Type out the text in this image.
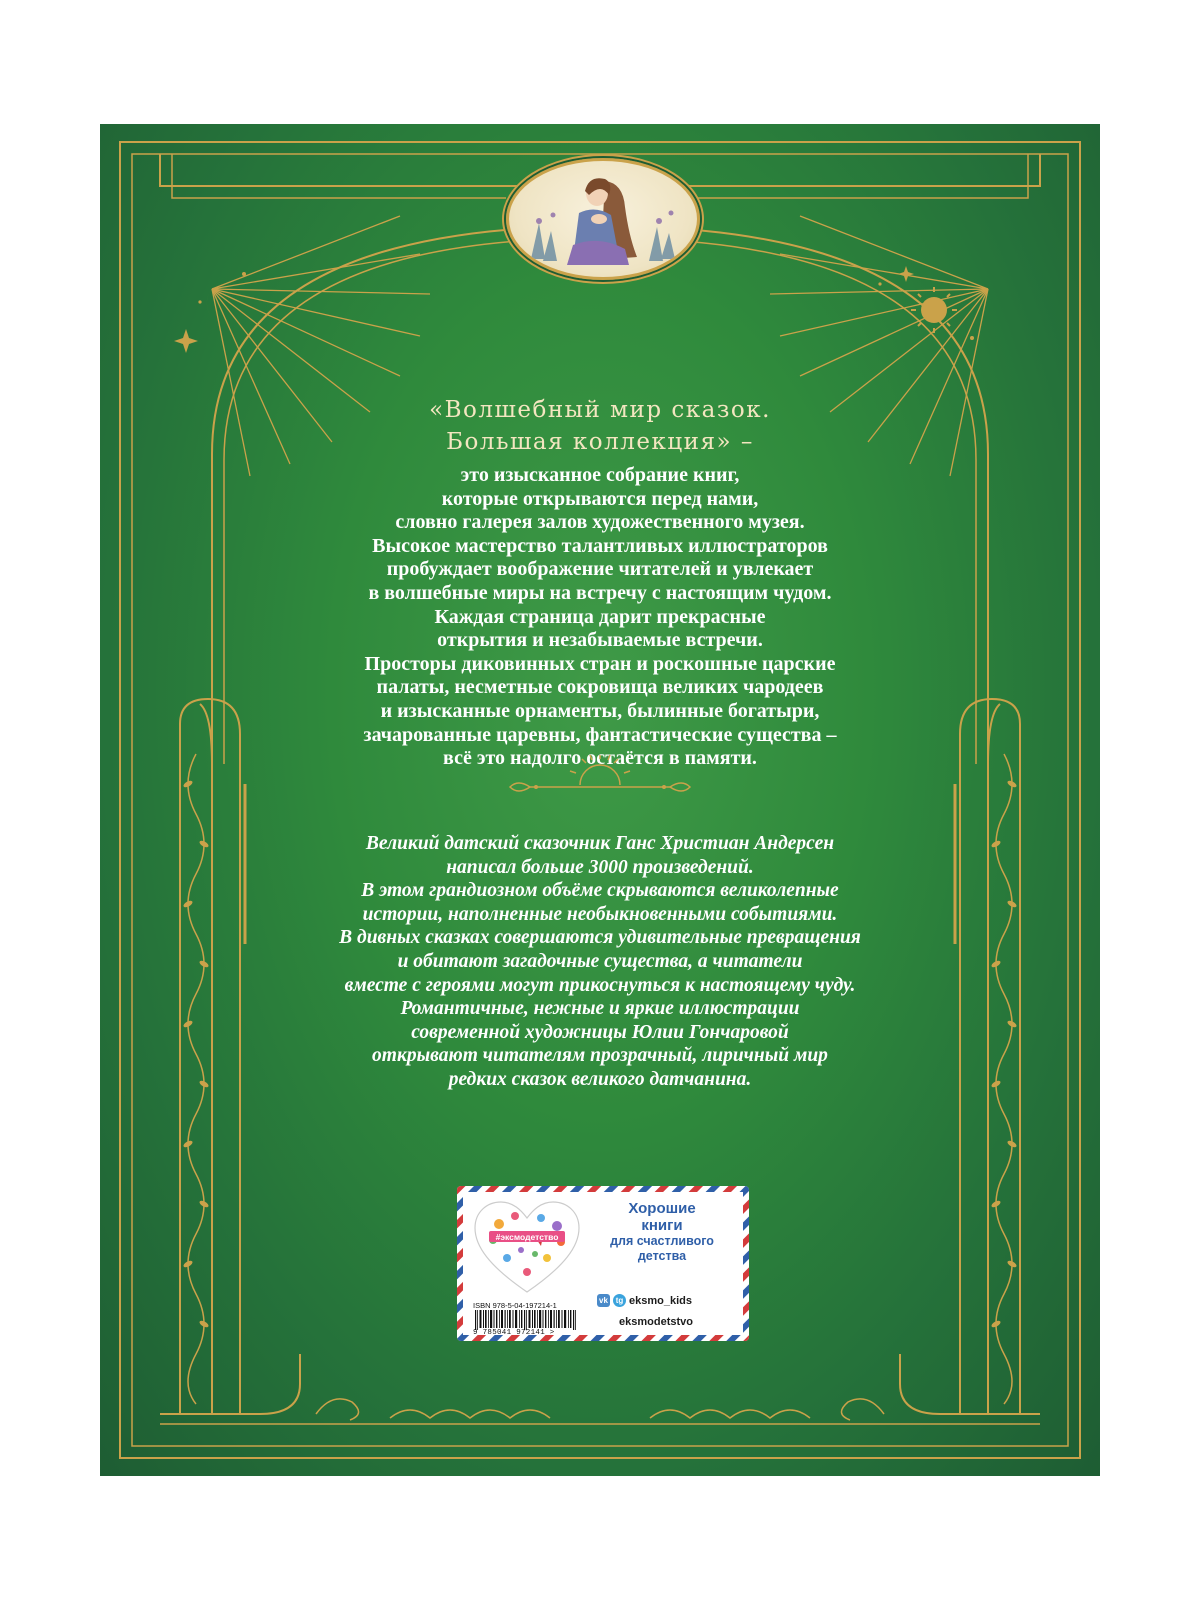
«Волшебный мир сказок.

Большая коллекция» –

это изысканное собрание книг,

которые открываются перед нами,

словно галерея залов художественного музея.

Высокое мастерство талантливых иллюстраторов

пробуждает воображение читателей и увлекает

в волшебные миры на встречу с настоящим чудом.

Каждая страница дарит прекрасные

открытия и незабываемые встречи.

Просторы диковинных стран и роскошные царские

палаты, несметные сокровища великих чародеев

и изысканные орнаменты, былинные богатыри,

зачарованные царевны, фантастические существа –

всё это надолго остаётся в памяти.

Великий датский сказочник Ганс Христиан Андерсен

написал больше 3000 произведений.

В этом грандиозном объёме скрываются великолепные

истории, наполненные необыкновенными событиями.

В дивных сказках совершаются удивительные превращения

и обитают загадочные существа, а читатели

вместе с героями могут прикоснуться к настоящему чуду.

Романтичные, нежные и яркие иллюстрации

современной художницы Юлии Гончаровой

открывают читателям прозрачный, лиричный мир

редких сказок великого датчанина.

#эксмодетство
Хорошие
книги
для счастливого
детства
ISBN 978-5-04-197214-1
9 785041 972141 >
vk tg eksmo_kids
eksmodetstvo
